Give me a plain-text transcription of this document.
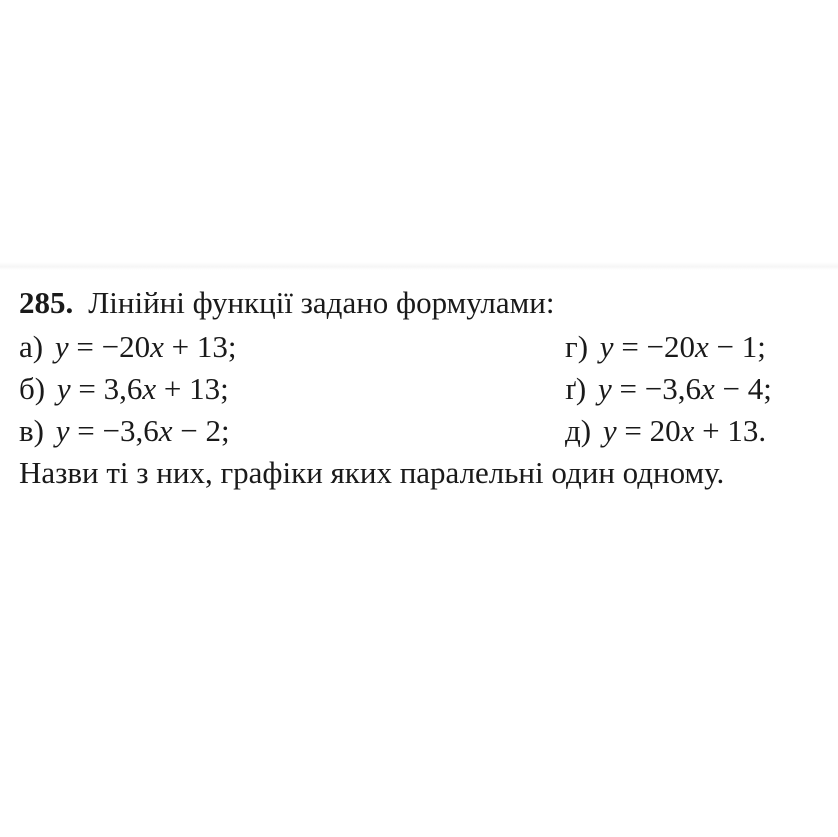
285. Лінійні функції задано формулами:
а) y = −20x + 13;	г) y = −20x − 1;
б) y = 3,6x + 13;	ґ) y = −3,6x − 4;
в) y = −3,6x − 2;	д) y = 20x + 13.
Назви ті з них, графіки яких паралельні один одному.
